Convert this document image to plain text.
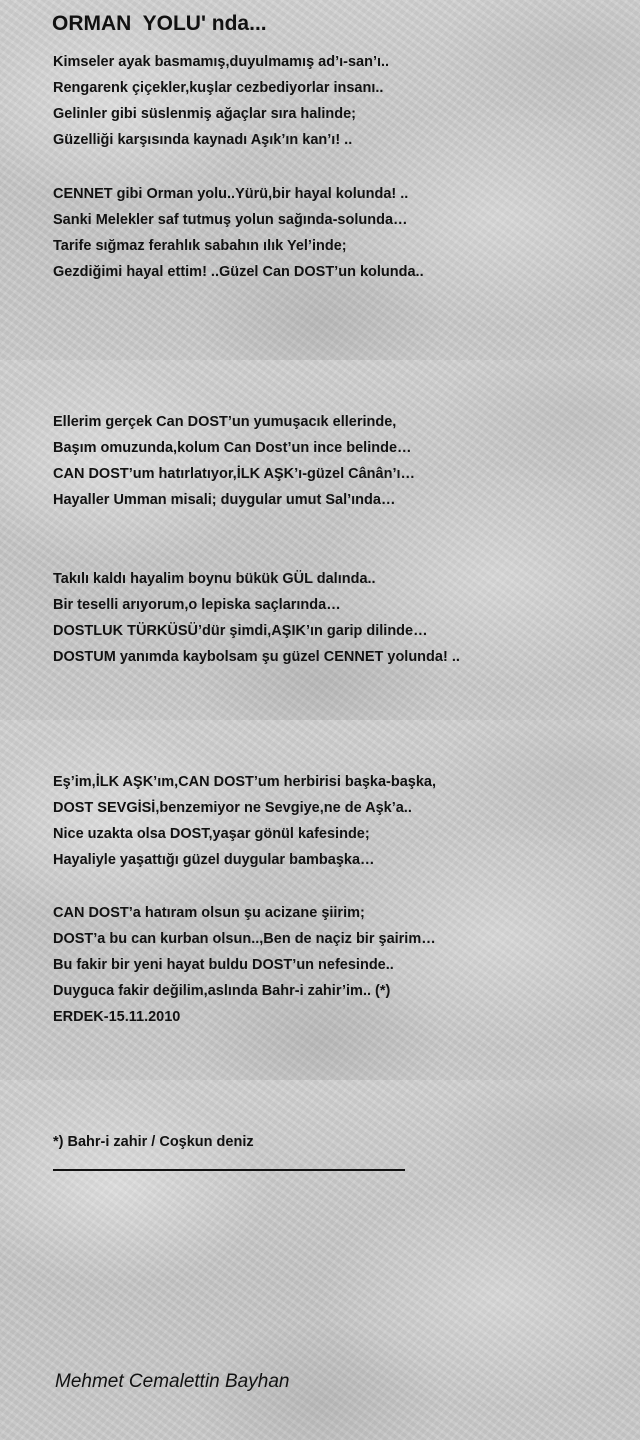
ORMAN  YOLU' nda...
Kimseler ayak basmamış,duyulmamış ad’ı-san’ı..
Rengarenk çiçekler,kuşlar cezbediyorlar insanı..
Gelinler gibi süslenmiş ağaçlar sıra halinde;
Güzelliği karşısında kaynadı Aşık’ın kan’ı! ..
CENNET gibi Orman yolu..Yürü,bir hayal kolunda! ..
Sanki Melekler saf tutmuş yolun sağında-solunda…
Tarife sığmaz ferahlık sabahın ılık Yel’inde;
Gezdiğimi hayal ettim! ..Güzel Can DOST’un kolunda..
Ellerim gerçek Can DOST’un yumuşacık ellerinde,
Başım omuzunda,kolum Can Dost’un ince belinde…
CAN DOST’um hatırlatıyor,İLK AŞK’ı-güzel Cânân’ı…
Hayaller Umman misali; duygular umut Sal’ında…
Takılı kaldı hayalim boynu bükük GÜL dalında..
Bir teselli arıyorum,o lepiska saçlarında…
DOSTLUK TÜRKÜSÜ’dür şimdi,AŞIK’ın garip dilinde…
DOSTUM yanımda kaybolsam şu güzel CENNET yolunda! ..
Eş’im,İLK AŞK’ım,CAN DOST’um herbirisi başka-başka,
DOST SEVGİSİ,benzemiyor ne Sevgiye,ne de Aşk’a..
Nice uzakta olsa DOST,yaşar gönül kafesinde;
Hayaliyle yaşattığı güzel duygular bambaşka…
CAN DOST’a hatıram olsun şu acizane şiirim;
DOST’a bu can kurban olsun..,Ben de naçiz bir şairim…
Bu fakir bir yeni hayat buldu DOST’un nefesinde..
Duyguca fakir değilim,aslında Bahr-i zahir’im.. (*)
ERDEK-15.11.2010
*) Bahr-i zahir / Coşkun deniz
Mehmet Cemalettin Bayhan
